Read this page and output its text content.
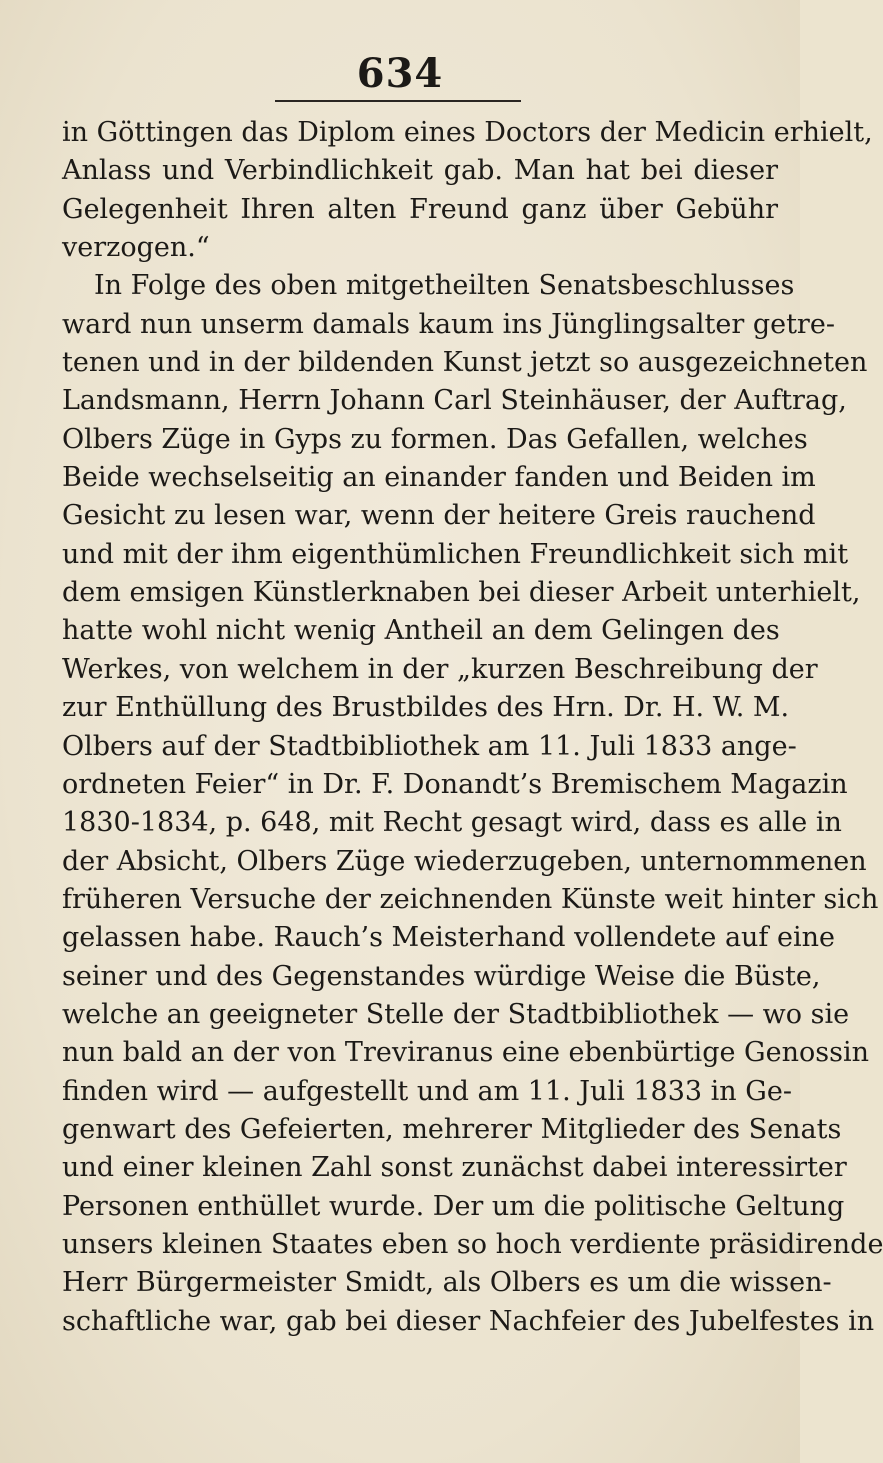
634
in Göttingen das Diplom eines Doctors der Medicin erhielt,
Anlass und Verbindlichkeit gab. Man hat bei dieser
Gelegenheit Ihren alten Freund ganz über Gebühr
verzogen.“
In Folge des oben mitgetheilten Senatsbeschlusses
ward nun unserm damals kaum ins Jünglingsalter getre-
tenen und in der bildenden Kunst jetzt so ausgezeichneten
Landsmann, Herrn Johann Carl Steinhäuser, der Auftrag,
Olbers Züge in Gyps zu formen. Das Gefallen, welches
Beide wechselseitig an einander fanden und Beiden im
Gesicht zu lesen war, wenn der heitere Greis rauchend
und mit der ihm eigenthümlichen Freundlichkeit sich mit
dem emsigen Künstlerknaben bei dieser Arbeit unterhielt,
hatte wohl nicht wenig Antheil an dem Gelingen des
Werkes, von welchem in der „kurzen Beschreibung der
zur Enthüllung des Brustbildes des Hrn. Dr. H. W. M.
Olbers auf der Stadtbibliothek am 11. Juli 1833 ange-
ordneten Feier“ in Dr. F. Donandt’s Bremischem Magazin
1830-1834, p. 648, mit Recht gesagt wird, dass es alle in
der Absicht, Olbers Züge wiederzugeben, unternommenen
früheren Versuche der zeichnenden Künste weit hinter sich
gelassen habe. Rauch’s Meisterhand vollendete auf eine
seiner und des Gegenstandes würdige Weise die Büste,
welche an geeigneter Stelle der Stadtbibliothek — wo sie
nun bald an der von Treviranus eine ebenbürtige Genossin
finden wird — aufgestellt und am 11. Juli 1833 in Ge-
genwart des Gefeierten, mehrerer Mitglieder des Senats
und einer kleinen Zahl sonst zunächst dabei interessirter
Personen enthüllet wurde. Der um die politische Geltung
unsers kleinen Staates eben so hoch verdiente präsidirende
Herr Bürgermeister Smidt, als Olbers es um die wissen-
schaftliche war, gab bei dieser Nachfeier des Jubelfestes in
